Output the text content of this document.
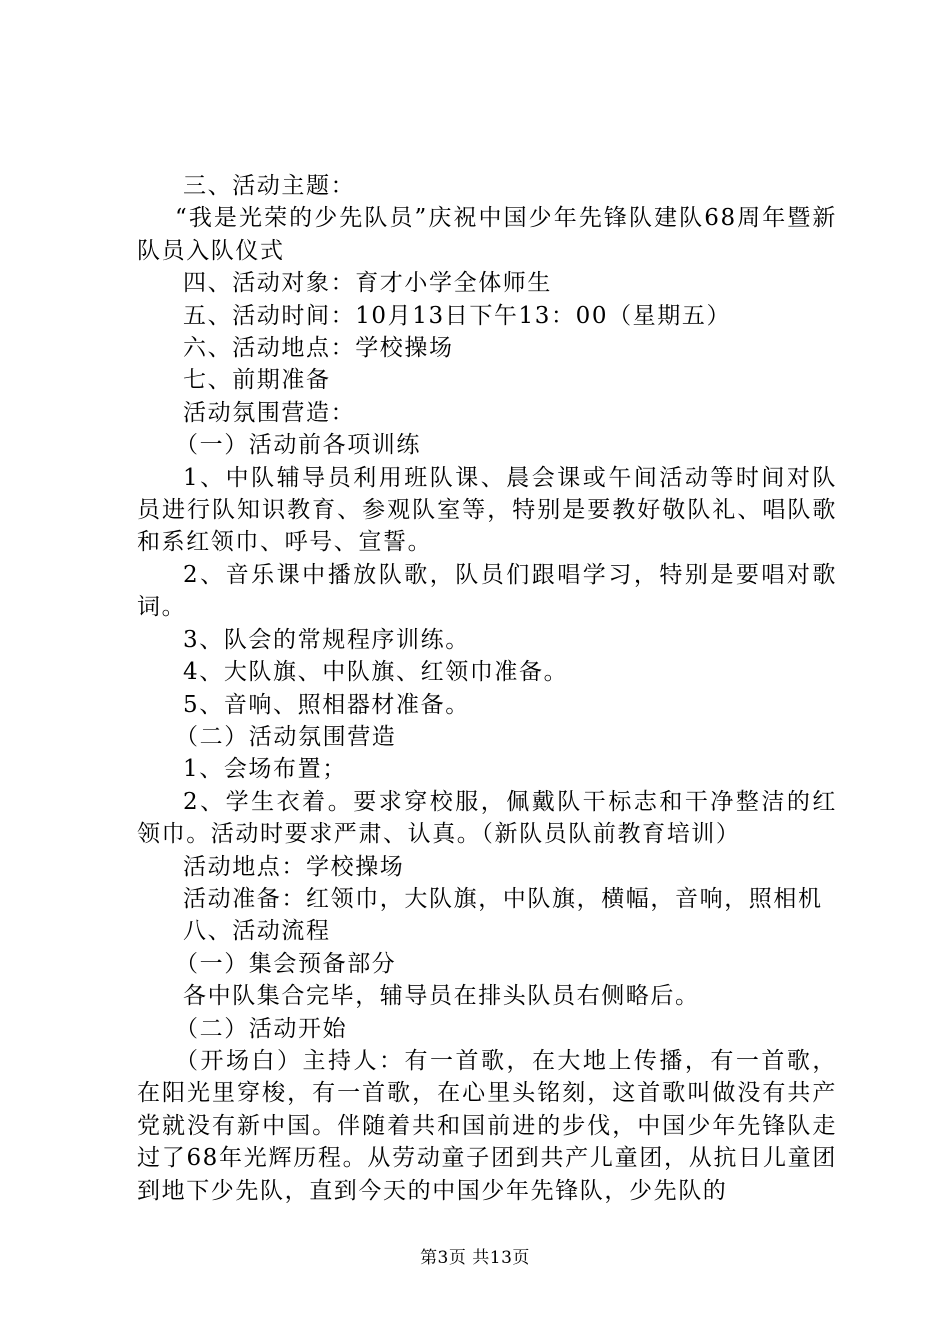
三、活动主题：

“我是光荣的少先队员”庆祝中国少年先锋队建队68周年暨新队员入队仪式

四、活动对象：育才小学全体师生

五、活动时间：10月13日下午13：00（星期五）

六、活动地点：学校操场

七、前期准备

活动氛围营造：

（一）活动前各项训练

1、中队辅导员利用班队课、晨会课或午间活动等时间对队员进行队知识教育、参观队室等，特别是要教好敬队礼、唱队歌和系红领巾、呼号、宣誓。

2、音乐课中播放队歌，队员们跟唱学习，特别是要唱对歌词。

3、队会的常规程序训练。

4、大队旗、中队旗、红领巾准备。

5、音响、照相器材准备。

（二）活动氛围营造

1、会场布置；

2、学生衣着。要求穿校服，佩戴队干标志和干净整洁的红领巾。活动时要求严肃、认真。（新队员队前教育培训）

活动地点：学校操场

活动准备：红领巾，大队旗，中队旗，横幅，音响，照相机

八、活动流程

（一）集会预备部分

各中队集合完毕，辅导员在排头队员右侧略后。

（二）活动开始

（开场白）主持人：有一首歌，在大地上传播，有一首歌，在阳光里穿梭，有一首歌，在心里头铭刻，这首歌叫做没有共产党就没有新中国。伴随着共和国前进的步伐，中国少年先锋队走过了68年光辉历程。从劳动童子团到共产儿童团，从抗日儿童团到地下少先队，直到今天的中国少年先锋队，少先队的

第3页 共13页
